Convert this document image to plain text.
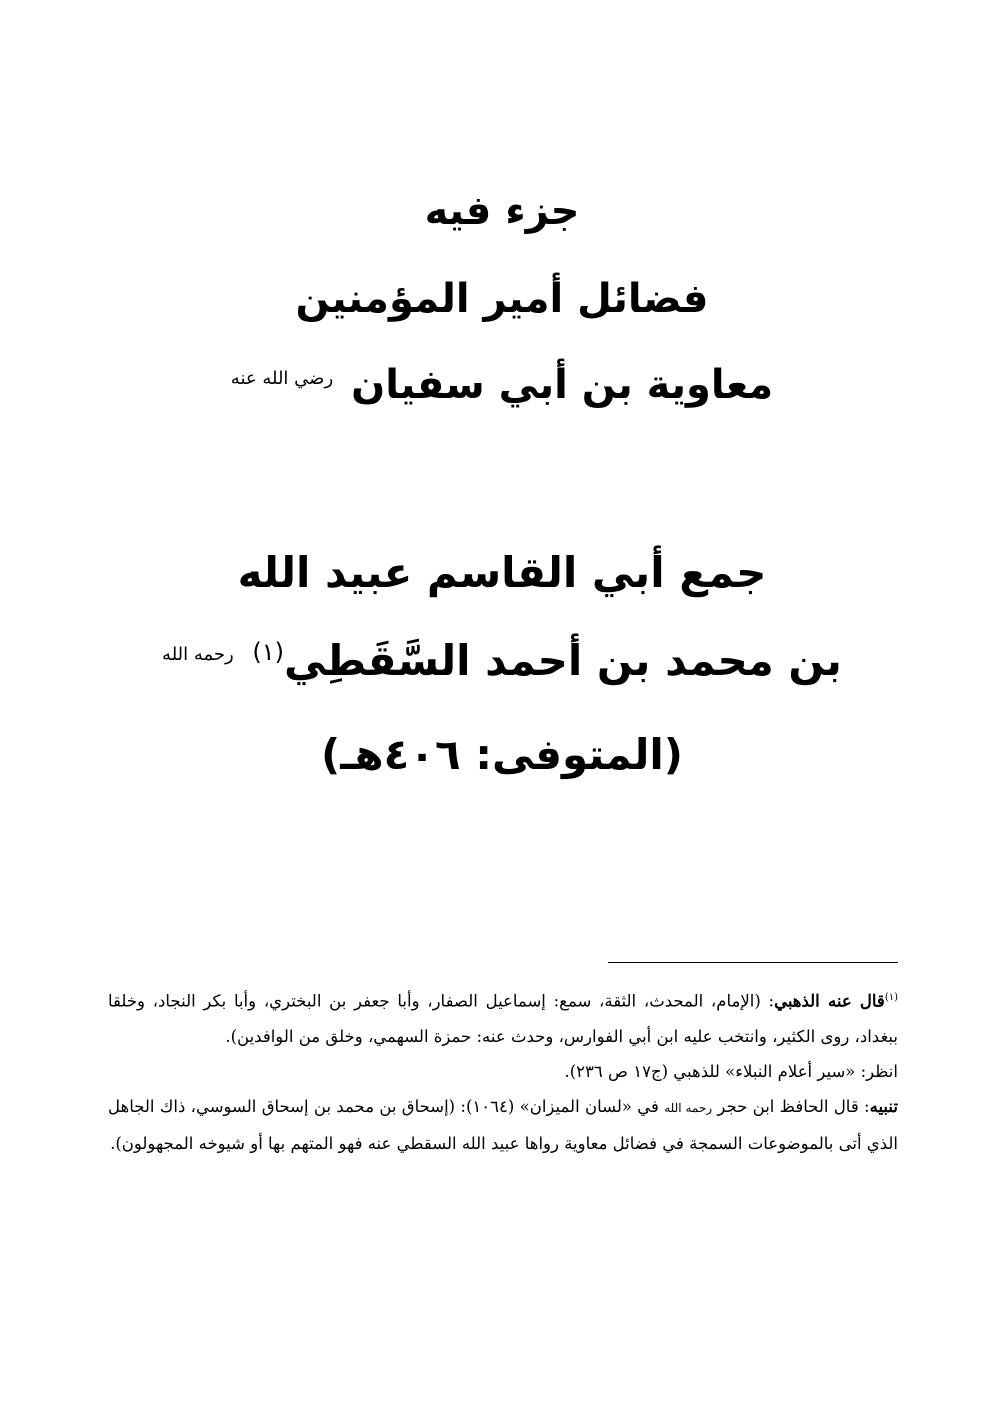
جزء فيه
فضائل أمير المؤمنين
معاوية بن أبي سفيان $^{رضي الله عنه}$
جمع أبي القاسم عبيد الله
بن محمد بن أحمد السَّقَطِي$^{(١)}$ $^{رحمه الله}$
(المتوفى: ٤٠٦هـ)

$^{(١)}$قال عنه الذهبي: (الإمام، المحدث، الثقة، سمع: إسماعيل الصفار، وأبا جعفر بن البختري، وأبا بكر النجاد، وخلقا ببغداد، روى الكثير، وانتخب عليه ابن أبي الفوارس، وحدث عنه: حمزة السهمي، وخلق من الوافدين).

انظر: «سير أعلام النبلاء» للذهبي (ج١٧ ص ٢٣٦).

تنبيه: قال الحافظ ابن حجر رحمه الله في «لسان الميزان» (١٠٦٤): (إسحاق بن محمد بن إسحاق السوسي، ذاك الجاهل الذي أتى بالموضوعات السمجة في فضائل معاوية رواها عبيد الله السقطي عنه فهو المتهم بها أو شيوخه المجهولون).
